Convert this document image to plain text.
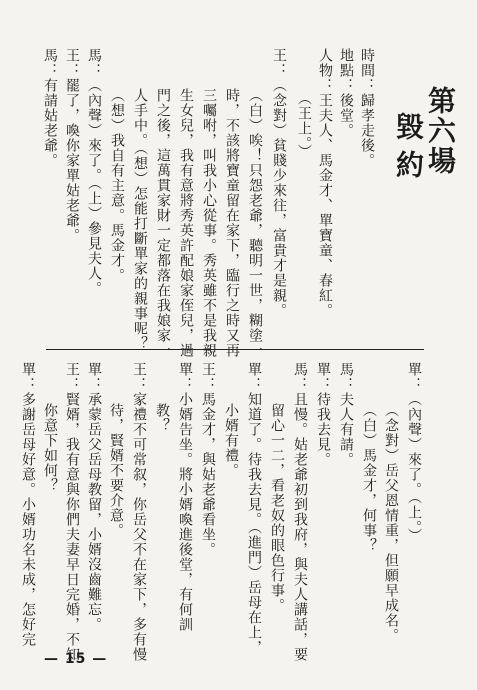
第六場
毀約
時間：歸孝走後。
地點：後堂。
人物：王夫人、馬金才、單寶童、春紅。
（王上。）
王：（念對）貧賤少來往，富貴才是親。
（白）唉！只怨老爺，聽明一世，糊塗一
時，不該將寶童留在家下，臨行之時又再
三囑咐，叫我小心從事。秀英雖不是我親
生女兒，我有意將秀英許配娘家侄兒，過
門之後，這萬貫家財一定都落在我娘家一
人手中。（想）怎能打斷單家的親事呢？
（想）我自有主意。馬金才。
馬：（內聲）來了。（上）參見夫人。
王：罷了，喚你家單姑老爺。
馬：有請姑老爺。
單：（內聲）來了。（上。）
（念對）岳父恩情重，但願早成名。
（白）馬金才，何事？
馬：夫人有請。
單：待我去見。
馬：且慢。姑老爺初到我府，與夫人講話，要
留心一二，看老奴的眼色行事。
單：知道了。待我去見。（進門）岳母在上，
小婿有禮。
王：馬金才，與姑老爺看坐。
單：小婿告坐。將小婿喚進後堂，有何訓
教？
王：家禮不可常叙，你岳父不在家下，多有慢
待，賢婿不要介意。
單：承蒙岳父岳母教留，小婿沒齒難忘。
王：賢婿，我有意與你們夫妻早日完婚，不知
你意下如何？
單：多謝岳母好意。小婿功名未成，怎好完
— 15 —
